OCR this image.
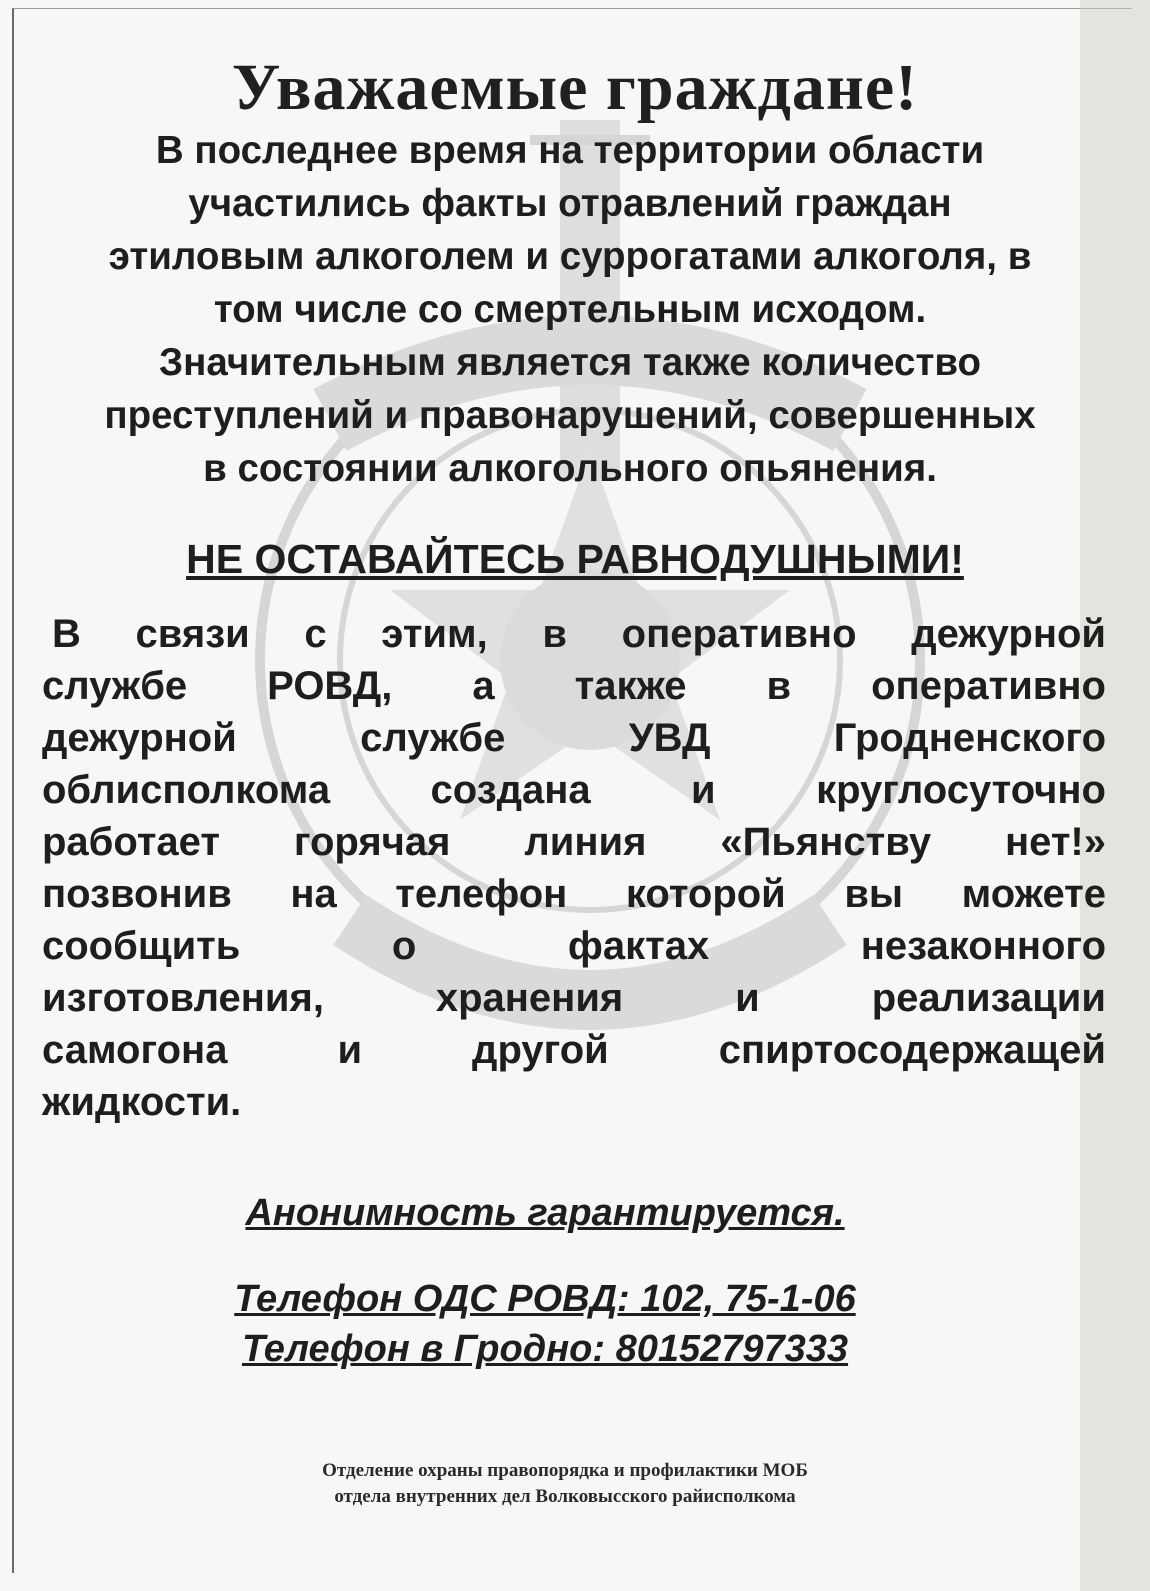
Уважаемые граждане!
В последнее время на территории области
участились факты отравлений граждан
этиловым алкоголем и суррогатами алкоголя, в
том числе со смертельным исходом.
Значительным является также количество
преступлений и правонарушений, совершенных
в состоянии алкогольного опьянения.
НЕ ОСТАВАЙТЕСЬ РАВНОДУШНЫМИ!
В связи с этим, в оперативно дежурной
службе РОВД, а также в оперативно
дежурной службе УВД Гродненского
облисполкома создана и круглосуточно
работает горячая линия «Пьянству нет!»
позвонив на телефон которой вы можете
сообщить о фактах незаконного
изготовления, хранения и реализации
самогона и другой спиртосодержащей
жидкости.

Анонимность гарантируется.

Телефон ОДС РОВД: 102, 75-1-06

Телефон в Гродно: 80152797333

Отделение охраны правопорядка и профилактики МОБ
отдела внутренних дел Волковысского райисполкома
